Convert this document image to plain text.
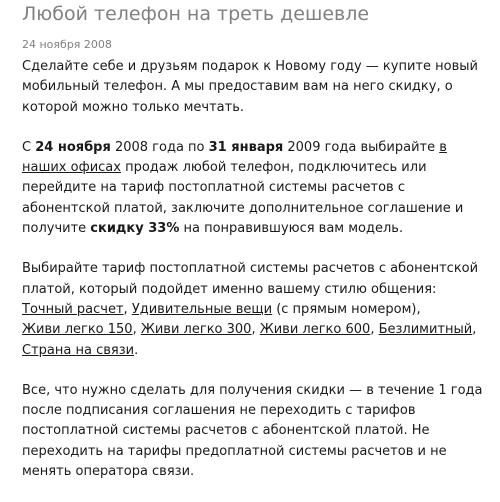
Любой телефон на треть дешевле
24 ноября 2008

Сделайте себе и друзьям подарок к Новому году — купите новый
мобильный телефон. А мы предоставим вам на него скидку, о
которой можно только мечтать.

С 24 ноября 2008 года по 31 января 2009 года выбирайте в
наших офисах продаж любой телефон, подключитесь или
перейдите на тариф постоплатной системы расчетов с
абонентской платой, заключите дополнительное соглашение и
получите скидку 33% на понравившуюся вам модель.

Выбирайте тариф постоплатной системы расчетов с абонентской
платой, который подойдет именно вашему стилю общения:
Точный расчет, Удивительные вещи (с прямым номером),
Живи легко 150, Живи легко 300, Живи легко 600, Безлимитный,
Страна на связи.

Все, что нужно сделать для получения скидки — в течение 1 года
после подписания соглашения не переходить с тарифов
постоплатной системы расчетов с абонентской платой. Не
переходить на тарифы предоплатной системы расчетов и не
менять оператора связи.
